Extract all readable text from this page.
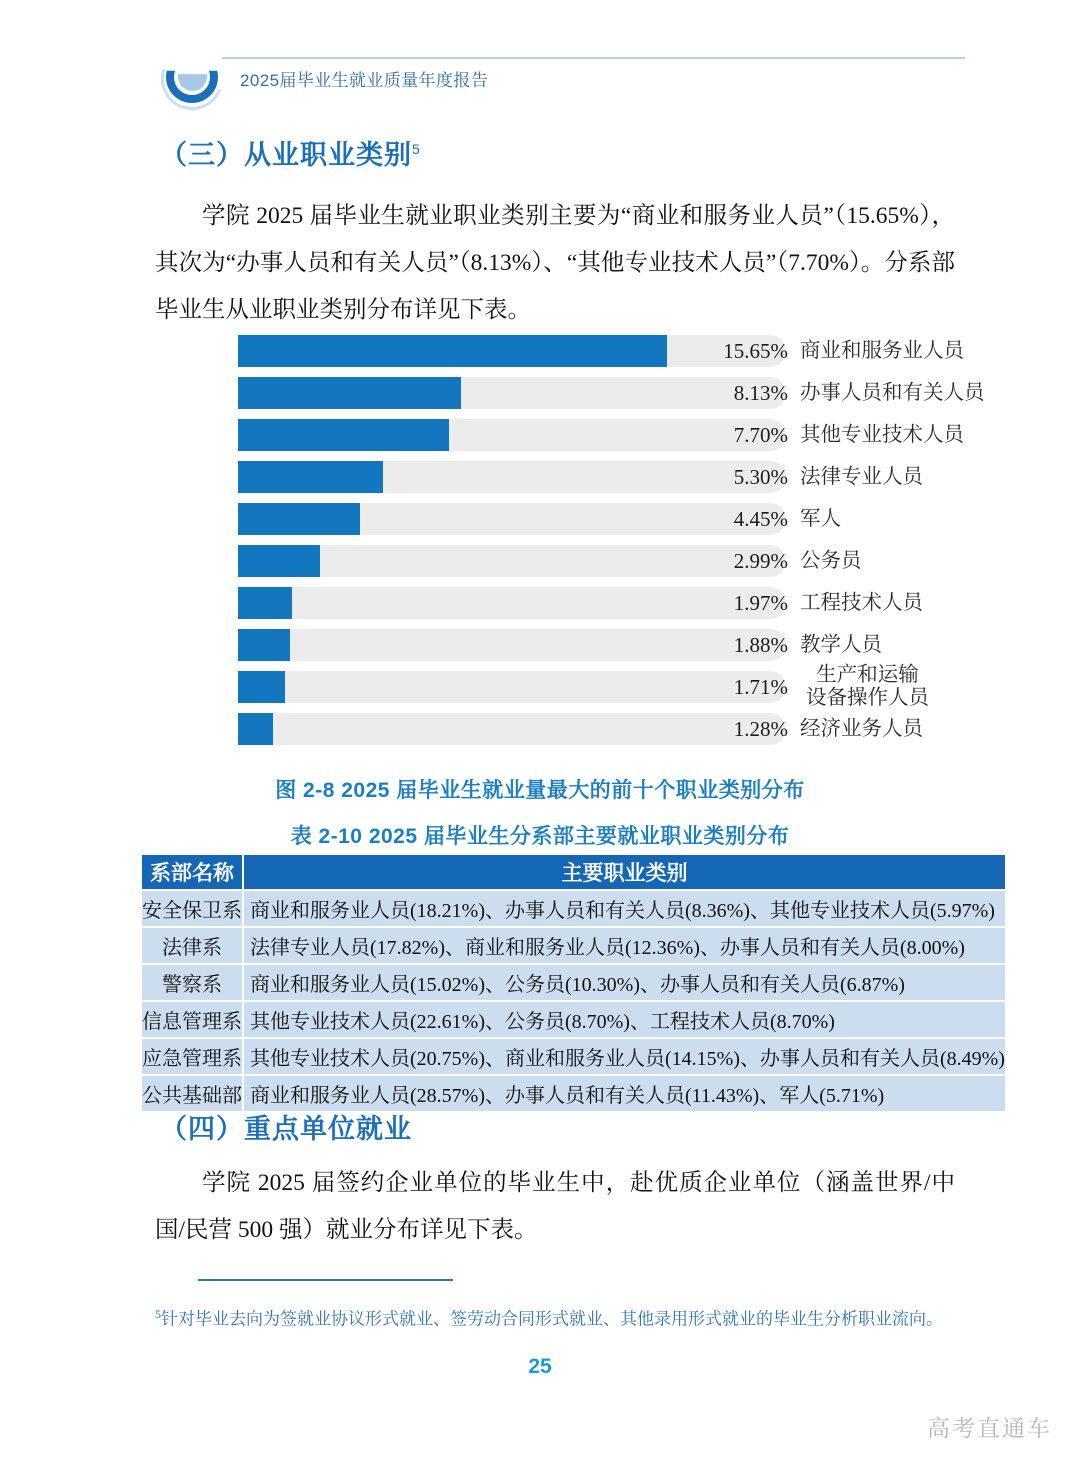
2025届毕业生就业质量年度报告
（三）从业职业类别$^5$
学院 2025 届毕业生就业职业类别主要为“商业和服务业人员”（15.65%），其次为“办事人员和有关人员”（8.13%）、“其他专业技术人员”（7.70%）。分系部毕业生从业职业类别分布详见下表。
15.65% 商业和服务业人员
8.13% 办事人员和有关人员
7.70% 其他专业技术人员
5.30% 法律专业人员
4.45% 军人
2.99% 公务员
1.97% 工程技术人员
1.88% 教学人员
1.71%	生产和运输
设备操作人员
1.28% 经济业务人员
图 2-8 2025 届毕业生就业量最大的前十个职业类别分布
表 2-10 2025 届毕业生分系部主要就业职业类别分布
系部名称	主要职业类别
安全保卫系	商业和服务业人员(18.21%)、办事人员和有关人员(8.36%)、其他专业技术人员(5.97%)
法律系	法律专业人员(17.82%)、商业和服务业人员(12.36%)、办事人员和有关人员(8.00%)
警察系	商业和服务业人员(15.02%)、公务员(10.30%)、办事人员和有关人员(6.87%)
信息管理系	其他专业技术人员(22.61%)、公务员(8.70%)、工程技术人员(8.70%)
应急管理系	其他专业技术人员(20.75%)、商业和服务业人员(14.15%)、办事人员和有关人员(8.49%)
公共基础部	商业和服务业人员(28.57%)、办事人员和有关人员(11.43%)、军人(5.71%)
（四）重点单位就业
学院 2025 届签约企业单位的毕业生中，赴优质企业单位（涵盖世界/中国/民营 500 强）就业分布详见下表。
$^5$针对毕业去向为签就业协议形式就业、签劳动合同形式就业、其他录用形式就业的毕业生分析职业流向。
25
高考直通车
